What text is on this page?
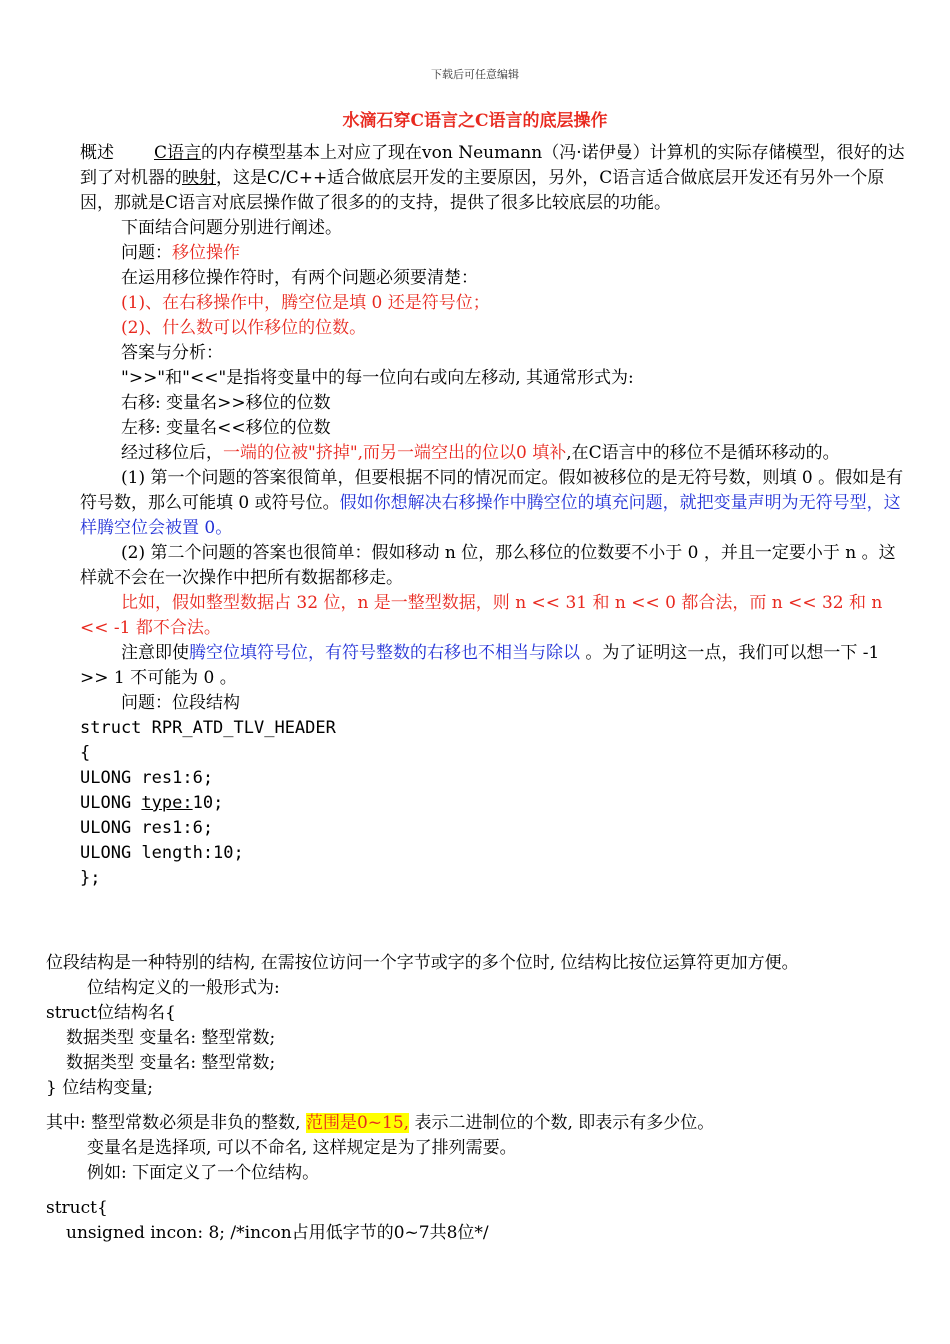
下载后可任意编辑
水滴石穿C语言之C语言的底层操作

概述 C语言的内存模型基本上对应了现在von Neumann（冯·诺伊曼）计算机的实际存储模型，很好的达到了对机器的映射，这是C/C++适合做底层开发的主要原因，另外，C语言适合做底层开发还有另外一个原因，那就是C语言对底层操作做了很多的的支持，提供了很多比较底层的功能。

下面结合问题分别进行阐述。

问题：移位操作

在运用移位操作符时，有两个问题必须要清楚：

(1)、在右移操作中，腾空位是填 0 还是符号位；

(2)、什么数可以作移位的位数。

答案与分析：

">>"和"<<"是指将变量中的每一位向右或向左移动, 其通常形式为:

右移: 变量名>>移位的位数

左移: 变量名<<移位的位数

经过移位后，一端的位被"挤掉",而另一端空出的位以0 填补,在C语言中的移位不是循环移动的。

(1) 第一个问题的答案很简单，但要根据不同的情况而定。假如被移位的是无符号数，则填 0 。假如是有符号数，那么可能填 0 或符号位。假如你想解决右移操作中腾空位的填充问题，就把变量声明为无符号型，这样腾空位会被置 0。

(2) 第二个问题的答案也很简单：假如移动 n 位，那么移位的位数要不小于 0 ，并且一定要小于 n 。这样就不会在一次操作中把所有数据都移走。

比如，假如整型数据占 32 位，n 是一整型数据，则 n << 31 和 n << 0 都合法，而 n << 32 和 n << -1 都不合法。

注意即使腾空位填符号位，有符号整数的右移也不相当与除以 。为了证明这一点，我们可以想一下 -1 >> 1 不可能为 0 。

问题：位段结构

struct RPR_ATD_TLV_HEADER

{

ULONG res1:6;

ULONG type:10;

ULONG res1:6;

ULONG length:10;

};

位段结构是一种特别的结构, 在需按位访问一个字节或字的多个位时, 位结构比按位运算符更加方便。

位结构定义的一般形式为:

struct位结构名{

数据类型 变量名: 整型常数;

数据类型 变量名: 整型常数;

} 位结构变量;

其中: 整型常数必须是非负的整数, 范围是0~15, 表示二进制位的个数, 即表示有多少位。

变量名是选择项, 可以不命名, 这样规定是为了排列需要。

例如: 下面定义了一个位结构。

struct{

unsigned incon: 8; /*incon占用低字节的0~7共8位*/
